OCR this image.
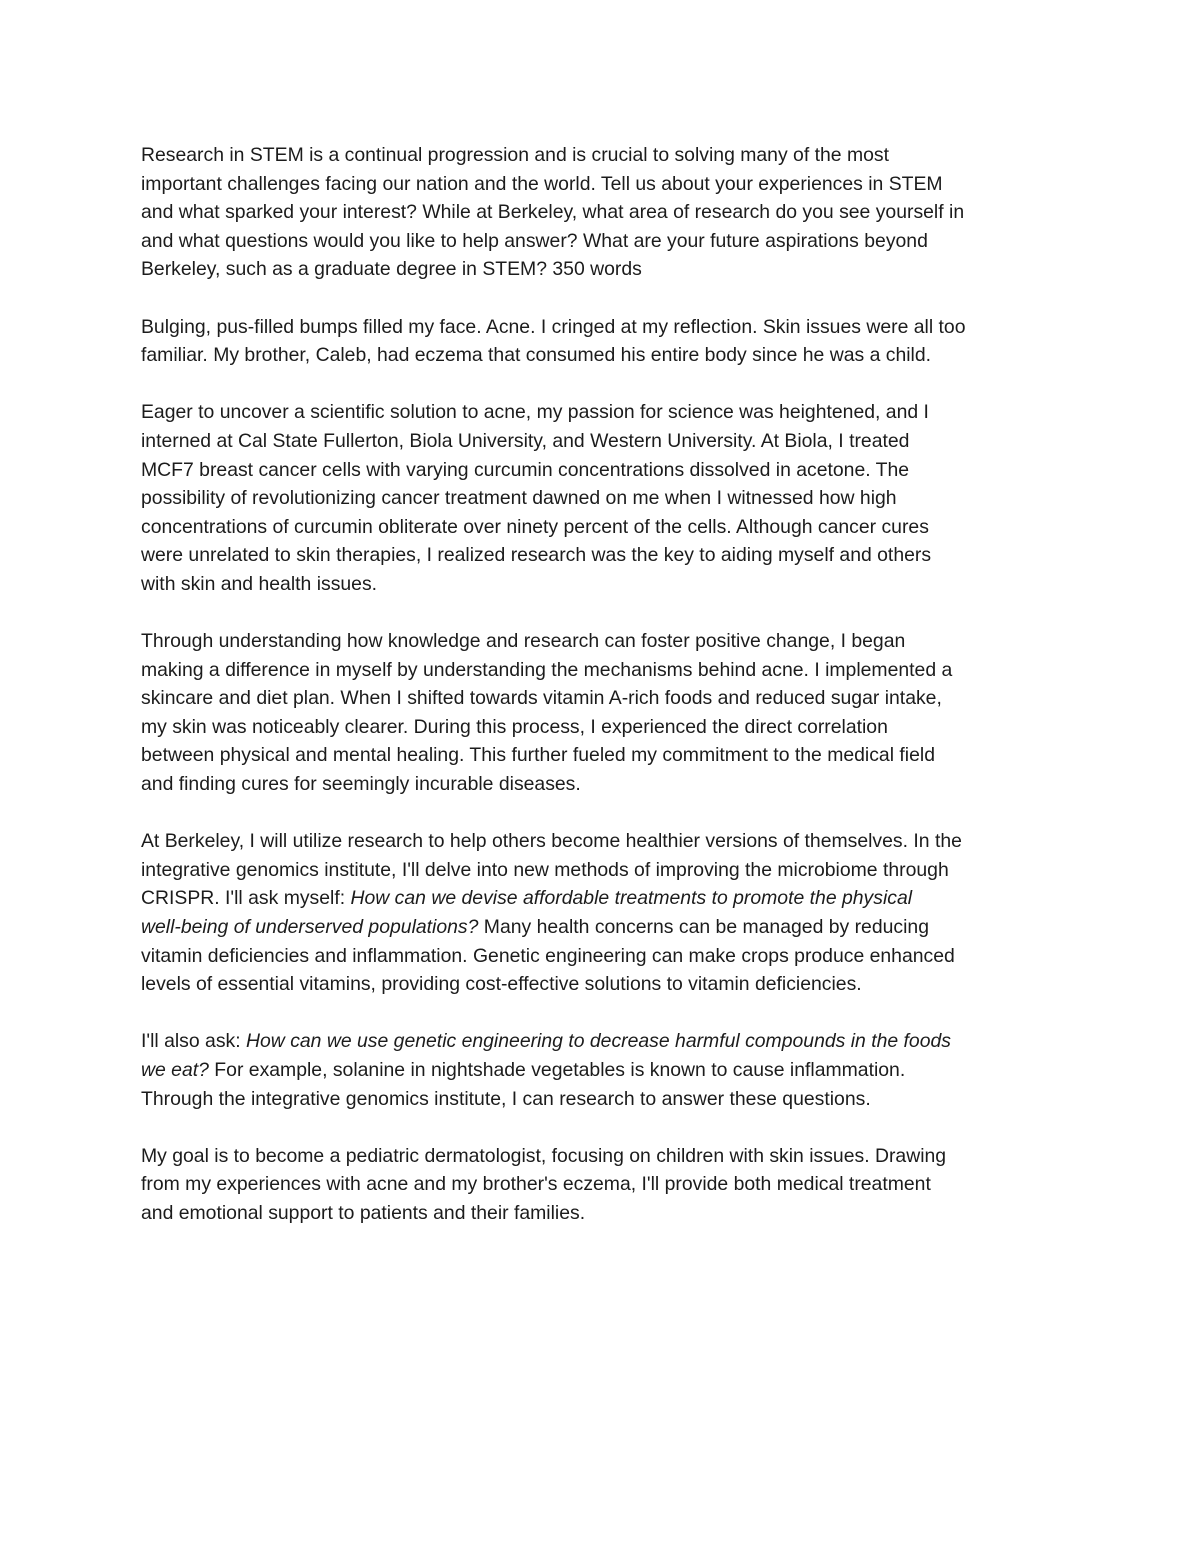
Research in STEM is a continual progression and is crucial to solving many of the most
important challenges facing our nation and the world. Tell us about your experiences in STEM
and what sparked your interest? While at Berkeley, what area of research do you see yourself in
and what questions would you like to help answer? What are your future aspirations beyond
Berkeley, such as a graduate degree in STEM? 350 words

Bulging, pus-filled bumps filled my face. Acne. I cringed at my reflection. Skin issues were all too
familiar. My brother, Caleb, had eczema that consumed his entire body since he was a child.

Eager to uncover a scientific solution to acne, my passion for science was heightened, and I
interned at Cal State Fullerton, Biola University, and Western University. At Biola, I treated
MCF7 breast cancer cells with varying curcumin concentrations dissolved in acetone. The
possibility of revolutionizing cancer treatment dawned on me when I witnessed how high
concentrations of curcumin obliterate over ninety percent of the cells. Although cancer cures
were unrelated to skin therapies, I realized research was the key to aiding myself and others
with skin and health issues.

Through understanding how knowledge and research can foster positive change, I began
making a difference in myself by understanding the mechanisms behind acne. I implemented a
skincare and diet plan. When I shifted towards vitamin A-rich foods and reduced sugar intake,
my skin was noticeably clearer. During this process, I experienced the direct correlation
between physical and mental healing. This further fueled my commitment to the medical field
and finding cures for seemingly incurable diseases.

At Berkeley, I will utilize research to help others become healthier versions of themselves. In the
integrative genomics institute, I'll delve into new methods of improving the microbiome through
CRISPR. I'll ask myself: How can we devise affordable treatments to promote the physical
well-being of underserved populations? Many health concerns can be managed by reducing
vitamin deficiencies and inflammation. Genetic engineering can make crops produce enhanced
levels of essential vitamins, providing cost-effective solutions to vitamin deficiencies.

I'll also ask: How can we use genetic engineering to decrease harmful compounds in the foods
we eat? For example, solanine in nightshade vegetables is known to cause inflammation.
Through the integrative genomics institute, I can research to answer these questions.

My goal is to become a pediatric dermatologist, focusing on children with skin issues. Drawing
from my experiences with acne and my brother's eczema, I'll provide both medical treatment
and emotional support to patients and their families.
